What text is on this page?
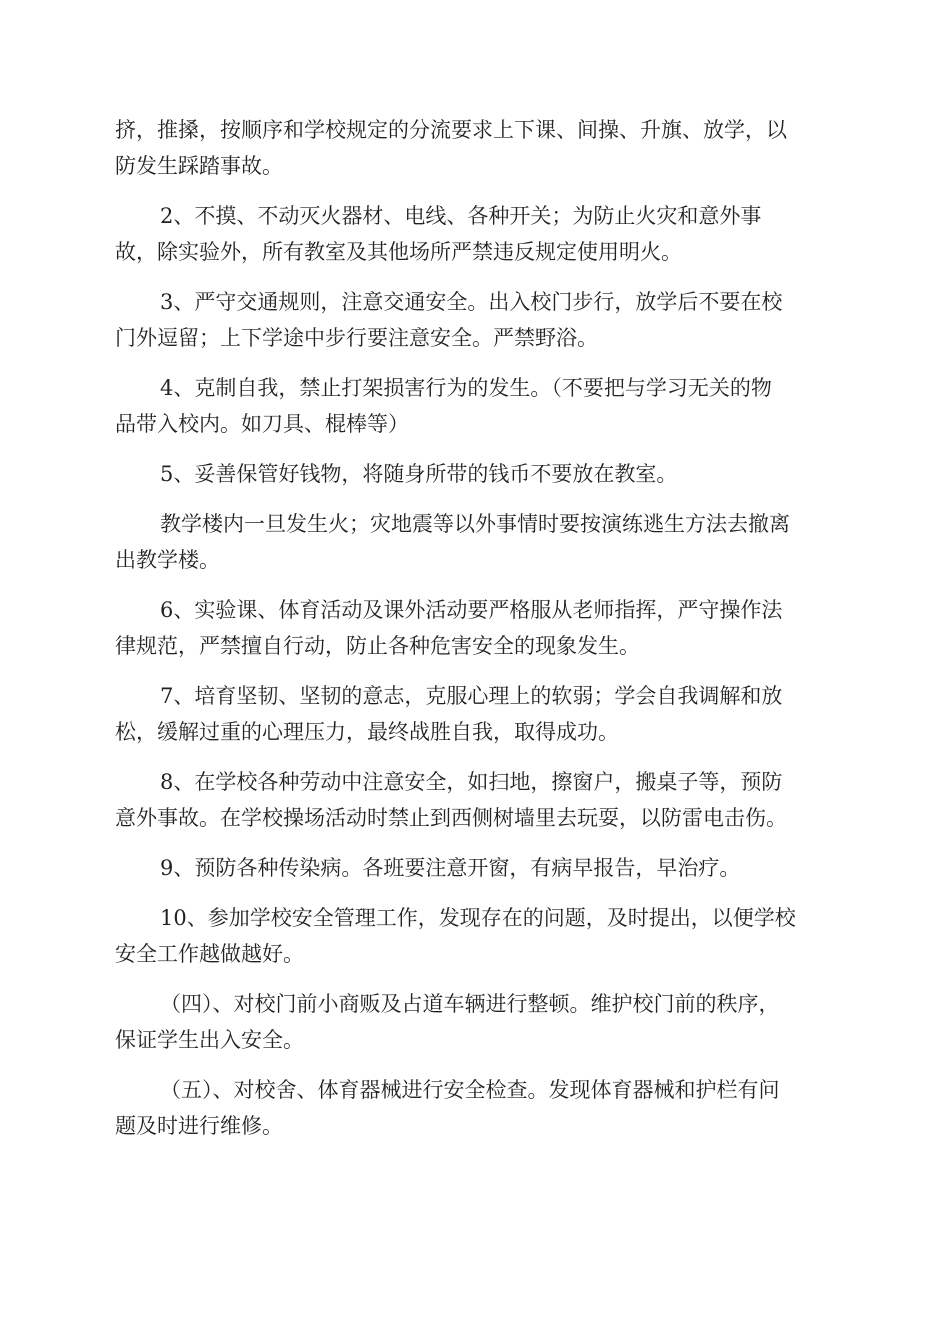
挤，推搡，按顺序和学校规定的分流要求上下课、间操、升旗、放学，以
防发生踩踏事故。
2、不摸、不动灭火器材、电线、各种开关；为防止火灾和意外事
故，除实验外，所有教室及其他场所严禁违反规定使用明火。
3、严守交通规则，注意交通安全。出入校门步行，放学后不要在校
门外逗留；上下学途中步行要注意安全。严禁野浴。
4、克制自我，禁止打架损害行为的发生。（不要把与学习无关的物
品带入校内。如刀具、棍棒等）
5、妥善保管好钱物，将随身所带的钱币不要放在教室。
教学楼内一旦发生火；灾地震等以外事情时要按演练逃生方法去撤离
出教学楼。
6、实验课、体育活动及课外活动要严格服从老师指挥，严守操作法
律规范，严禁擅自行动，防止各种危害安全的现象发生。
7、培育坚韧、坚韧的意志，克服心理上的软弱；学会自我调解和放
松，缓解过重的心理压力，最终战胜自我，取得成功。
8、在学校各种劳动中注意安全，如扫地，擦窗户，搬桌子等，预防
意外事故。在学校操场活动时禁止到西侧树墙里去玩耍，以防雷电击伤。
9、预防各种传染病。各班要注意开窗，有病早报告，早治疗。
10、参加学校安全管理工作，发现存在的问题，及时提出，以便学校
安全工作越做越好。
（四）、对校门前小商贩及占道车辆进行整顿。维护校门前的秩序，
保证学生出入安全。
（五）、对校舍、体育器械进行安全检查。发现体育器械和护栏有问
题及时进行维修。
